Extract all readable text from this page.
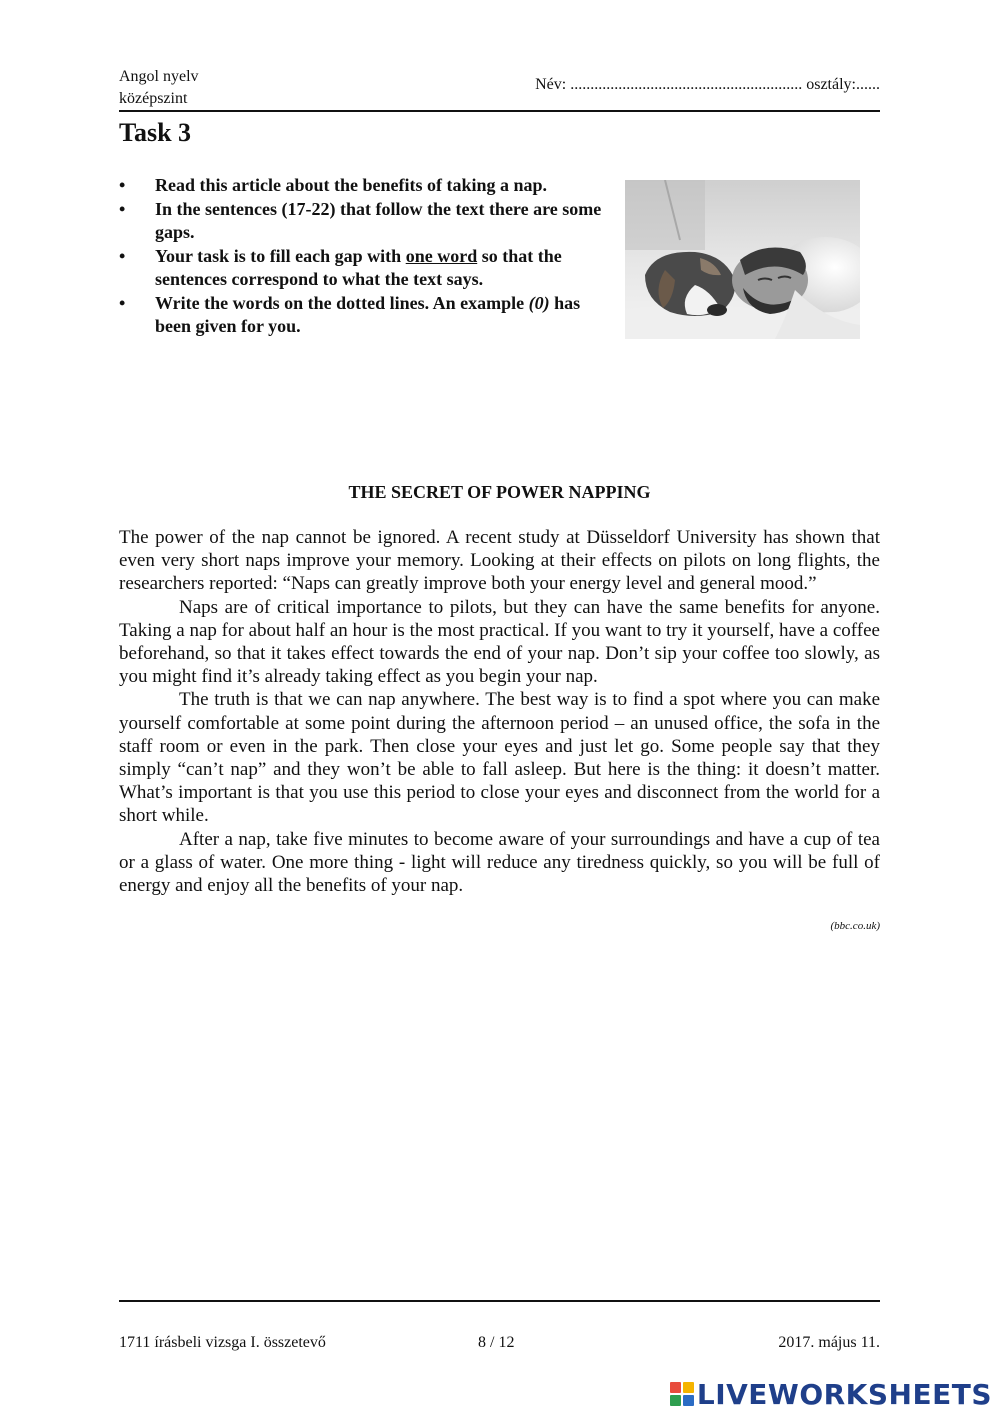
Angol nyelv
középszint
Név: .......................................................... osztály:......
Task 3
• Read this article about the benefits of taking a nap.
• In the sentences (17-22) that follow the text there are some gaps.
• Your task is to fill each gap with one word so that the sentences correspond to what the text says.
• Write the words on the dotted lines. An example (0) has been given for you.
THE SECRET OF POWER NAPPING

The power of the nap cannot be ignored. A recent study at Düsseldorf University has shown that even very short naps improve your memory. Looking at their effects on pilots on long flights, the researchers reported: “Naps can greatly improve both your energy level and general mood.”

Naps are of critical importance to pilots, but they can have the same benefits for anyone. Taking a nap for about half an hour is the most practical. If you want to try it yourself, have a coffee beforehand, so that it takes effect towards the end of your nap. Don’t sip your coffee too slowly, as you might find it’s already taking effect as you begin your nap.

The truth is that we can nap anywhere. The best way is to find a spot where you can make yourself comfortable at some point during the afternoon period – an unused office, the sofa in the staff room or even in the park. Then close your eyes and just let go. Some people say that they simply “can’t nap” and they won’t be able to fall asleep. But here is the thing: it doesn’t matter. What’s important is that you use this period to close your eyes and disconnect from the world for a short while.

After a nap, take five minutes to become aware of your surroundings and have a cup of tea or a glass of water. One more thing - light will reduce any tiredness quickly, so you will be full of energy and enjoy all the benefits of your nap.

(bbc.co.uk)
1711 írásbeli vizsga I. összetevő	8 / 12	2017. május 11.
LIVEWORKSHEETS
